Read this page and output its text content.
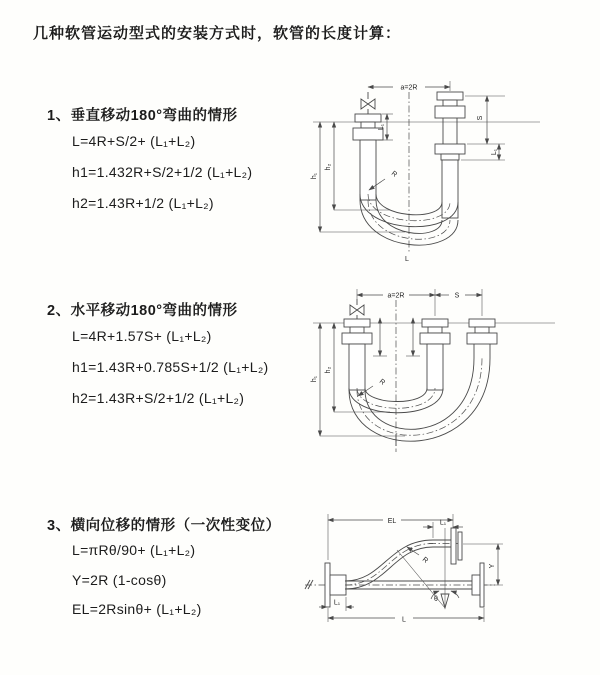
几种软管运动型式的安装方式时，软管的长度计算：
1、垂直移动180°弯曲的情形
L=4R+S/2+ (L₁+L₂)
h1=1.432R+S/2+1/2 (L₁+L₂)
h2=1.43R+1/2 (L₁+L₂)
2、水平移动180°弯曲的情形
L=4R+1.57S+ (L₁+L₂)
h1=1.43R+0.785S+1/2 (L₁+L₂)
h2=1.43R+S/2+1/2 (L₁+L₂)
3、横向位移的情形（一次性变位）
L=πRθ/90+ (L₁+L₂)
Y=2R (1-cosθ)
EL=2Rsinθ+ (L₁+L₂)
a=2R
S
L₁
L₁
h₁
h₂
R
L
a=2R	S
h₁
h₂
R
EL	L₁
Y
R
θ
L
L₁
